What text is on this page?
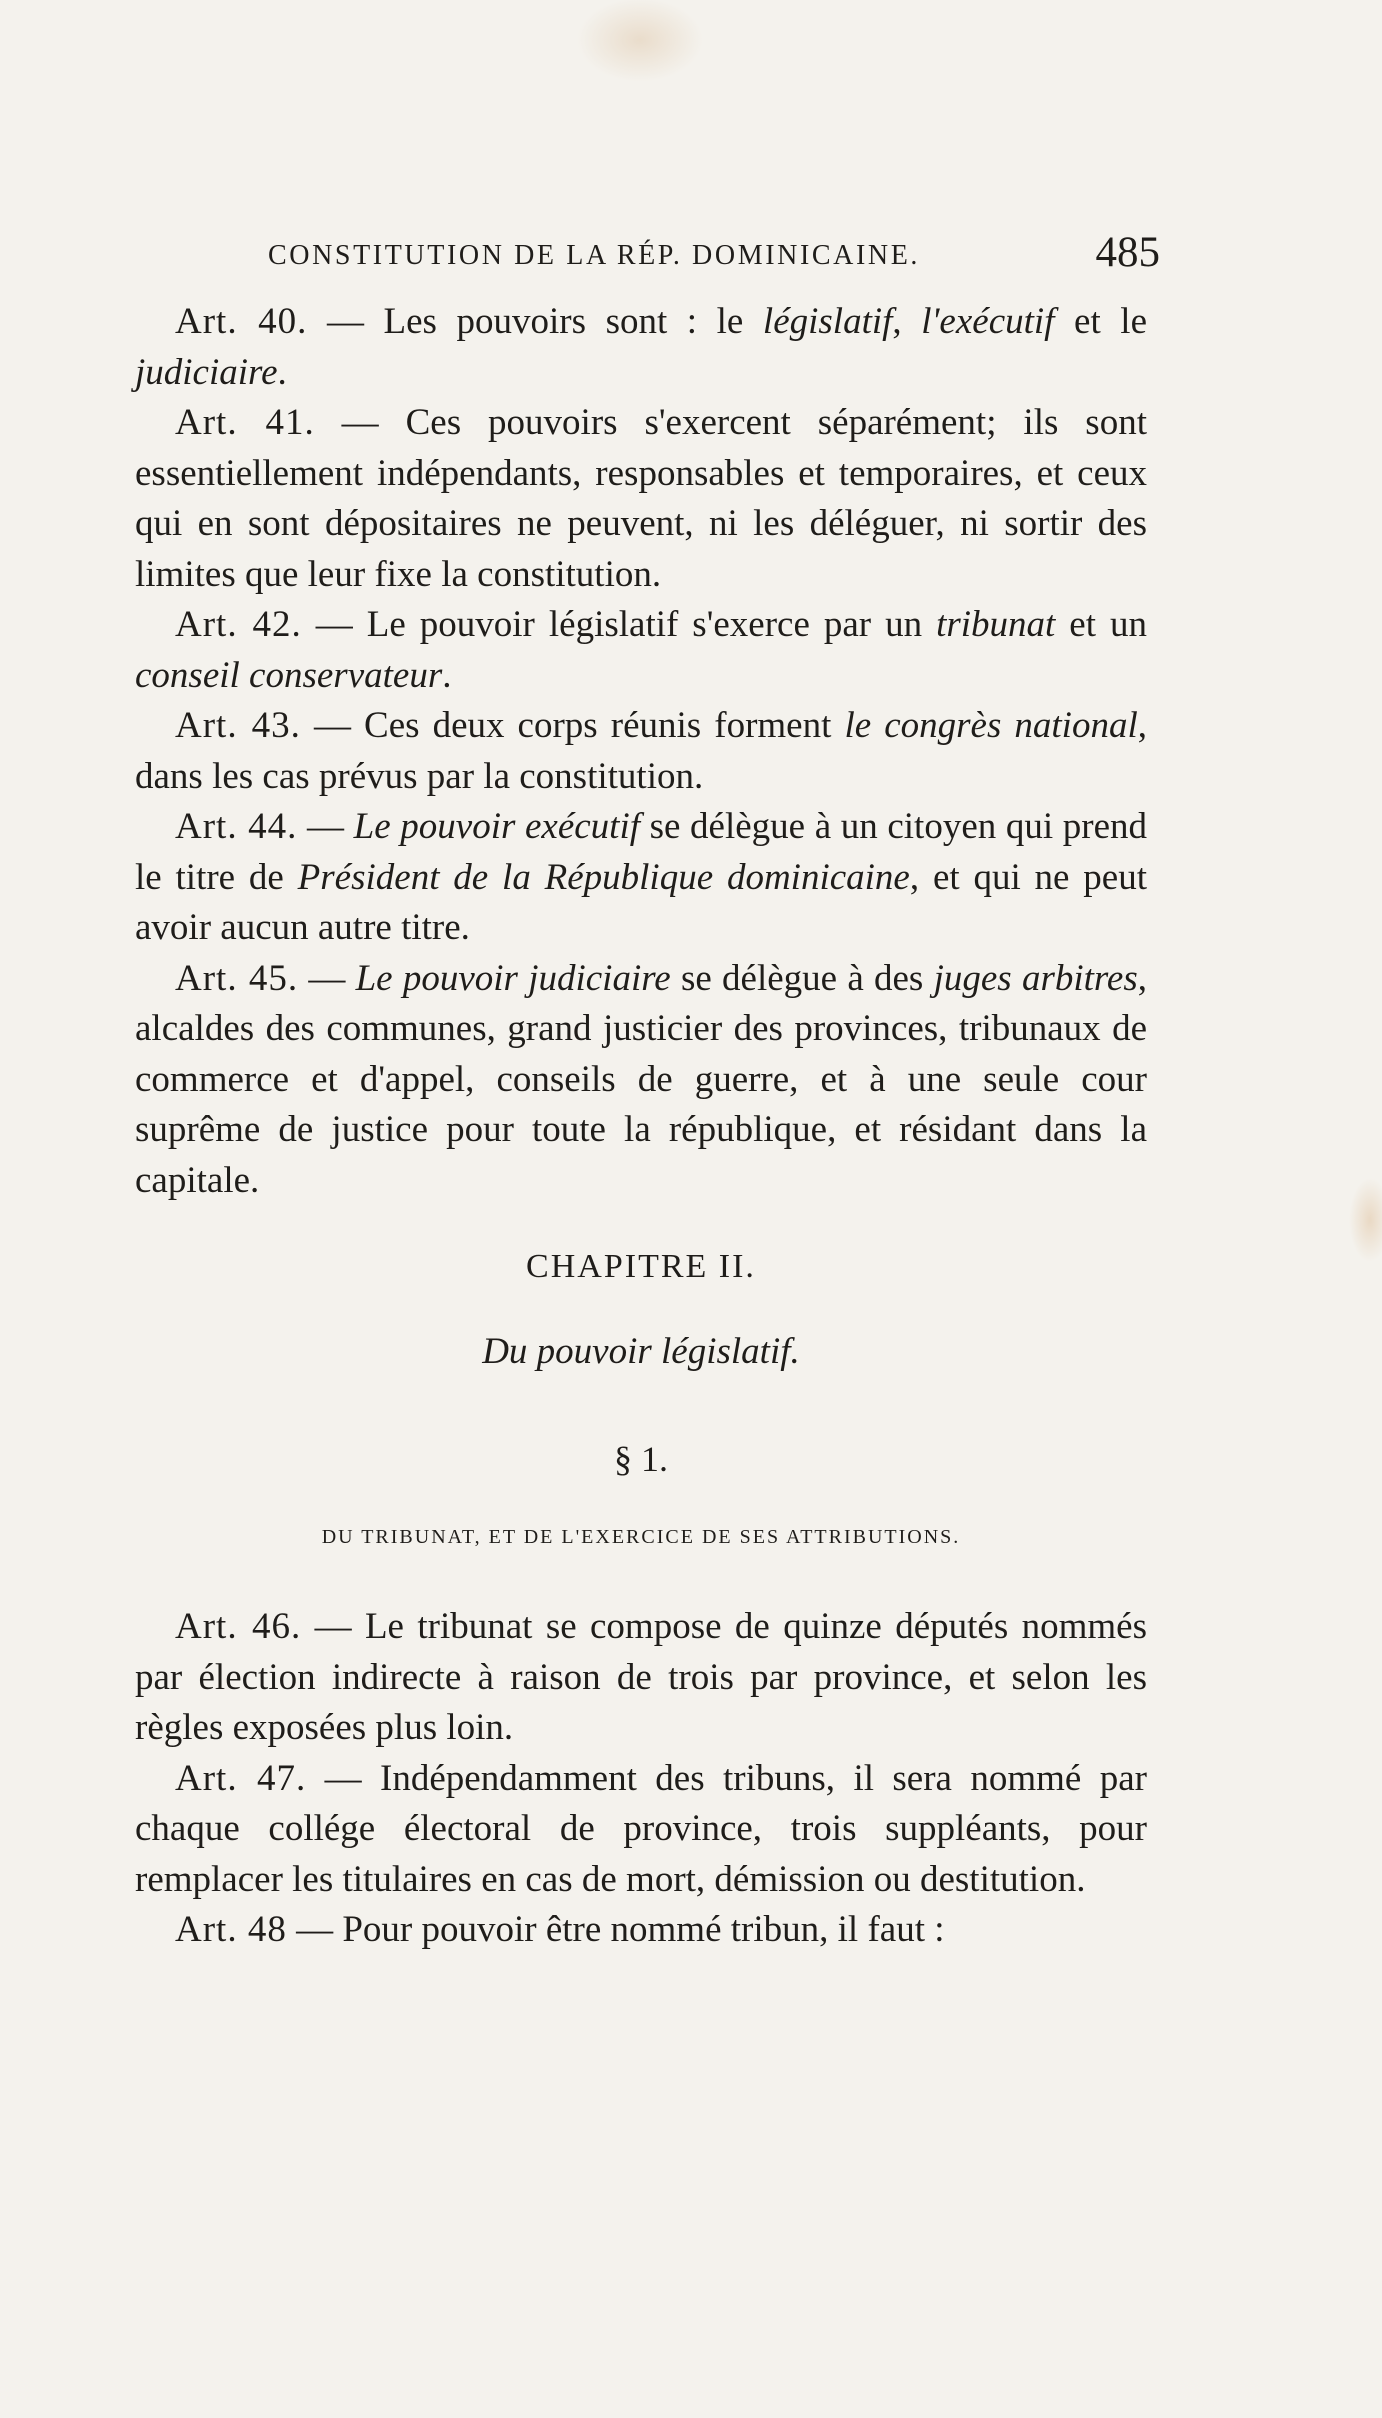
CONSTITUTION DE LA RÉP. DOMINICAINE.	485

Art. 40. — Les pouvoirs sont : le législatif, l'exécutif et le judiciaire.

Art. 41. — Ces pouvoirs s'exercent séparément; ils sont essentiellement indépendants, responsables et temporaires, et ceux qui en sont dépositaires ne peuvent, ni les déléguer, ni sortir des limites que leur fixe la constitution.

Art. 42. — Le pouvoir législatif s'exerce par un tribunat et un conseil conservateur.

Art. 43. — Ces deux corps réunis forment le congrès national, dans les cas prévus par la constitution.

Art. 44. — Le pouvoir exécutif se délègue à un citoyen qui prend le titre de Président de la République dominicaine, et qui ne peut avoir aucun autre titre.

Art. 45. — Le pouvoir judiciaire se délègue à des juges arbitres, alcaldes des communes, grand justicier des provinces, tribunaux de commerce et d'appel, conseils de guerre, et à une seule cour suprême de justice pour toute la république, et résidant dans la capitale.

CHAPITRE II.
Du pouvoir législatif.
§ 1.
DU TRIBUNAT, ET DE L'EXERCICE DE SES ATTRIBUTIONS.

Art. 46. — Le tribunat se compose de quinze députés nommés par élection indirecte à raison de trois par province, et selon les règles exposées plus loin.

Art. 47. — Indépendamment des tribuns, il sera nommé par chaque collége électoral de province, trois suppléants, pour remplacer les titulaires en cas de mort, démission ou destitution.

Art. 48 — Pour pouvoir être nommé tribun, il faut :
